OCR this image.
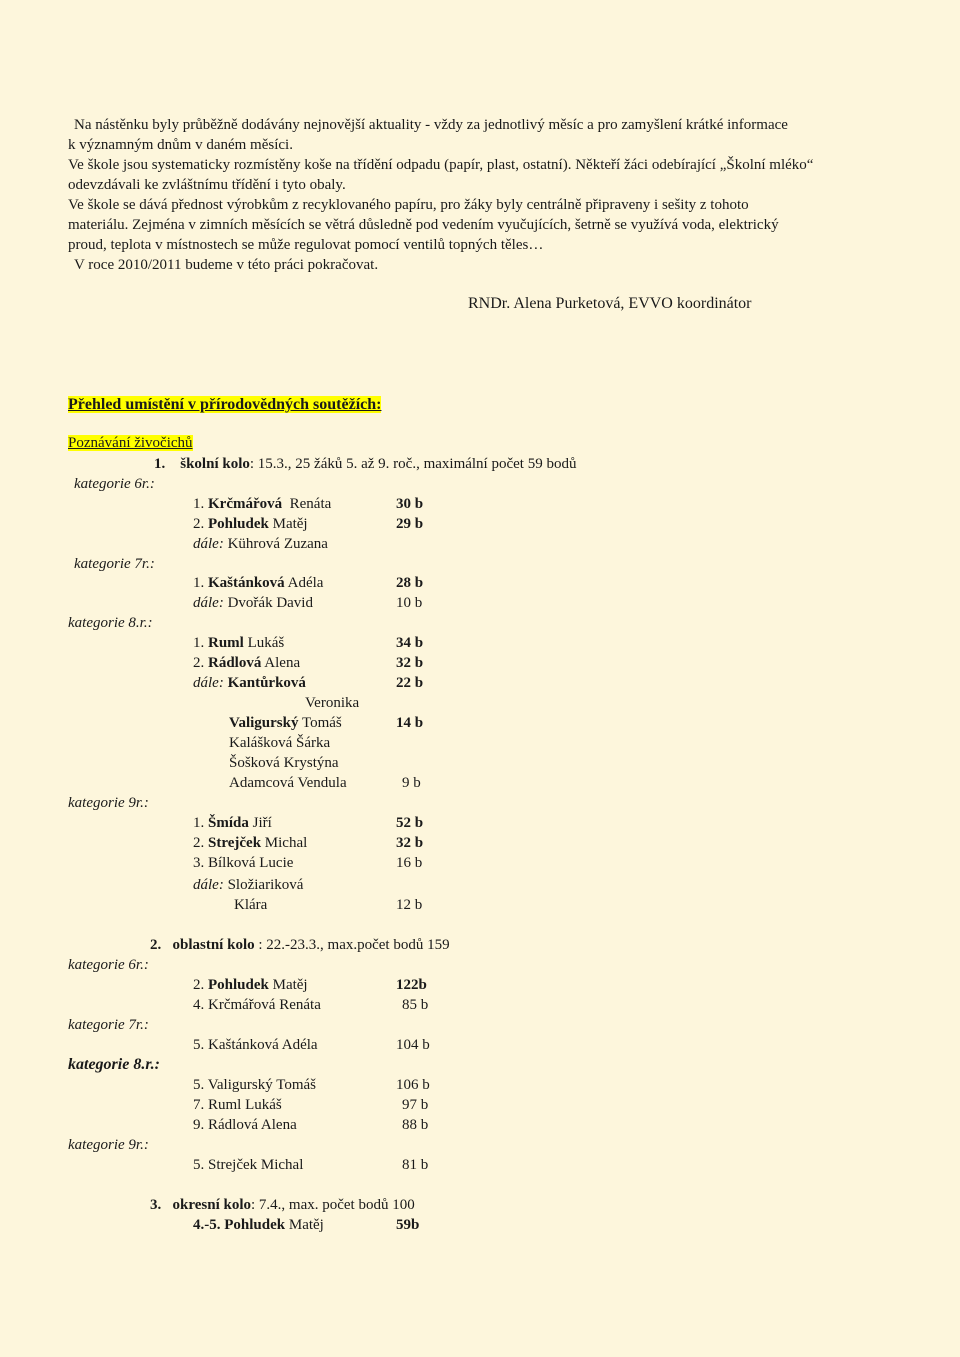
Na nástěnku byly průběžně dodávány nejnovější aktuality - vždy za jednotlivý měsíc a pro zamyšlení krátké informace
k významným dnům v daném měsíci.
Ve škole jsou systematicky rozmístěny koše na třídění odpadu (papír, plast, ostatní). Někteří žáci odebírající „Školní mléko“
odevzdávali ke zvláštnímu třídění i tyto obaly.
Ve škole se dává přednost výrobkům z recyklovaného papíru, pro žáky byly centrálně připraveny i sešity z tohoto
materiálu. Zejména v zimních měsících se větrá důsledně pod vedením vyučujících, šetrně se využívá voda, elektrický
proud, teplota v místnostech se může regulovat pomocí ventilů topných těles…
V roce 2010/2011 budeme v této práci pokračovat.
RNDr. Alena Purketová, EVVO koordinátor
Přehled umístění v přírodovědných soutěžích:
Poznávání živočichů
1. školní kolo: 15.3., 25 žáků 5. až 9. roč., maximální počet 59 bodů
kategorie 6r.:
1. Krčmářová Renáta	30 b
2. Pohludek Matěj	29 b
dále: Kührová Zuzana
kategorie 7r.:
1. Kaštánková Adéla	28 b
dále: Dvořák David	10 b
kategorie 8.r.:
1. Ruml Lukáš	34 b
2. Rádlová Alena	32 b
dále: Kantůrková	22 b
Veronika
Valigurský Tomáš	14 b
Kalášková Šárka
Šošková Krystýna
Adamcová Vendula	9 b
kategorie 9r.:
1. Šmída Jiří	52 b
2. Strejček Michal	32 b
3. Bílková Lucie	16 b
dále: Složiariková
Klára	12 b
2. oblastní kolo : 22.-23.3., max.počet bodů 159
kategorie 6r.:
2. Pohludek Matěj	122b
4. Krčmářová Renáta	85 b
kategorie 7r.:
5. Kaštánková Adéla	104 b
kategorie 8.r.:
5. Valigurský Tomáš	106 b
7. Ruml Lukáš	97 b
9. Rádlová Alena	88 b
kategorie 9r.:
5. Strejček Michal	81 b
3. okresní kolo: 7.4., max. počet bodů 100
4.-5. Pohludek Matěj	59b
